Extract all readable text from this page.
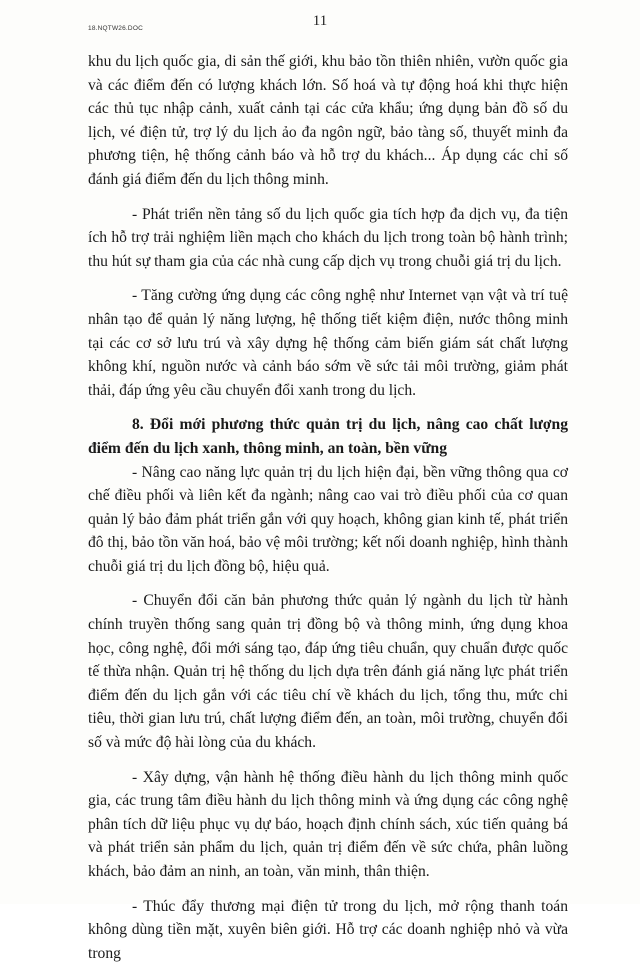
18.NQTW26.DOC	11

khu du lịch quốc gia, di sản thế giới, khu bảo tồn thiên nhiên, vườn quốc gia và các điểm đến có lượng khách lớn. Số hoá và tự động hoá khi thực hiện các thủ tục nhập cảnh, xuất cảnh tại các cửa khẩu; ứng dụng bản đồ số du lịch, vé điện tử, trợ lý du lịch ảo đa ngôn ngữ, bảo tàng số, thuyết minh đa phương tiện, hệ thống cảnh báo và hỗ trợ du khách... Áp dụng các chỉ số đánh giá điểm đến du lịch thông minh.

- Phát triển nền tảng số du lịch quốc gia tích hợp đa dịch vụ, đa tiện ích hỗ trợ trải nghiệm liền mạch cho khách du lịch trong toàn bộ hành trình; thu hút sự tham gia của các nhà cung cấp dịch vụ trong chuỗi giá trị du lịch.

- Tăng cường ứng dụng các công nghệ như Internet vạn vật và trí tuệ nhân tạo để quản lý năng lượng, hệ thống tiết kiệm điện, nước thông minh tại các cơ sở lưu trú và xây dựng hệ thống cảm biến giám sát chất lượng không khí, nguồn nước và cảnh báo sớm về sức tải môi trường, giảm phát thải, đáp ứng yêu cầu chuyển đổi xanh trong du lịch.

8. Đổi mới phương thức quản trị du lịch, nâng cao chất lượng điểm đến du lịch xanh, thông minh, an toàn, bền vững

- Nâng cao năng lực quản trị du lịch hiện đại, bền vững thông qua cơ chế điều phối và liên kết đa ngành; nâng cao vai trò điều phối của cơ quan quản lý bảo đảm phát triển gắn với quy hoạch, không gian kinh tế, phát triển đô thị, bảo tồn văn hoá, bảo vệ môi trường; kết nối doanh nghiệp, hình thành chuỗi giá trị du lịch đồng bộ, hiệu quả.

- Chuyển đổi căn bản phương thức quản lý ngành du lịch từ hành chính truyền thống sang quản trị đồng bộ và thông minh, ứng dụng khoa học, công nghệ, đổi mới sáng tạo, đáp ứng tiêu chuẩn, quy chuẩn được quốc tế thừa nhận. Quản trị hệ thống du lịch dựa trên đánh giá năng lực phát triển điểm đến du lịch gắn với các tiêu chí về khách du lịch, tổng thu, mức chi tiêu, thời gian lưu trú, chất lượng điểm đến, an toàn, môi trường, chuyển đổi số và mức độ hài lòng của du khách.

- Xây dựng, vận hành hệ thống điều hành du lịch thông minh quốc gia, các trung tâm điều hành du lịch thông minh và ứng dụng các công nghệ phân tích dữ liệu phục vụ dự báo, hoạch định chính sách, xúc tiến quảng bá và phát triển sản phẩm du lịch, quản trị điểm đến về sức chứa, phân luồng khách, bảo đảm an ninh, an toàn, văn minh, thân thiện.

- Thúc đẩy thương mại điện tử trong du lịch, mở rộng thanh toán không dùng tiền mặt, xuyên biên giới. Hỗ trợ các doanh nghiệp nhỏ và vừa trong
